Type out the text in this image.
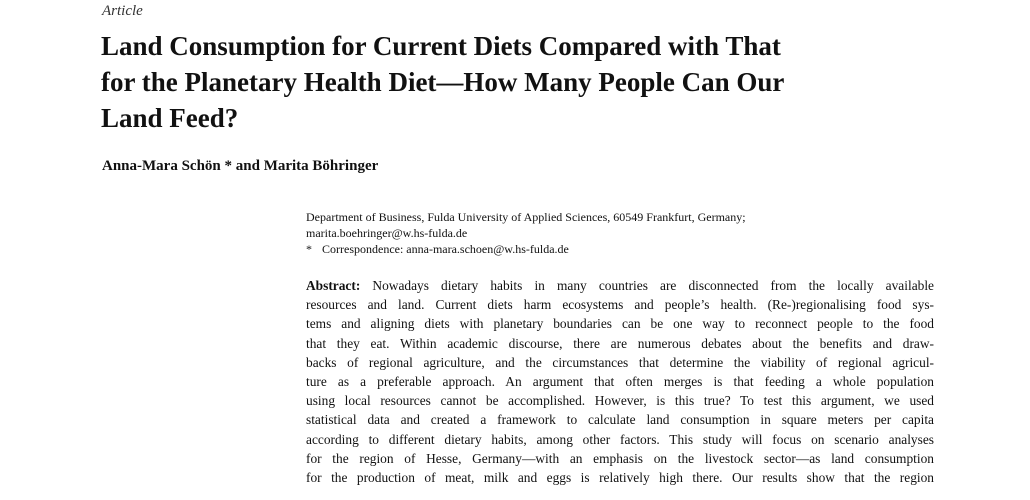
Article
Land Consumption for Current Diets Compared with That
for the Planetary Health Diet—How Many People Can Our
Land Feed?
Anna-Mara Schön * and Marita Böhringer
Department of Business, Fulda University of Applied Sciences, 60549 Frankfurt, Germany;
marita.boehringer@w.hs-fulda.de
* Correspondence: anna-mara.schoen@w.hs-fulda.de
Abstract: Nowadays dietary habits in many countries are disconnected from the locally available
resources and land. Current diets harm ecosystems and people’s health. (Re-)regionalising food sys-
tems and aligning diets with planetary boundaries can be one way to reconnect people to the food
that they eat. Within academic discourse, there are numerous debates about the benefits and draw-
backs of regional agriculture, and the circumstances that determine the viability of regional agricul-
ture as a preferable approach. An argument that often merges is that feeding a whole population
using local resources cannot be accomplished. However, is this true? To test this argument, we used
statistical data and created a framework to calculate land consumption in square meters per capita
according to different dietary habits, among other factors. This study will focus on scenario analyses
for the region of Hesse, Germany—with an emphasis on the livestock sector—as land consumption
for the production of meat, milk and eggs is relatively high there. Our results show that the region
